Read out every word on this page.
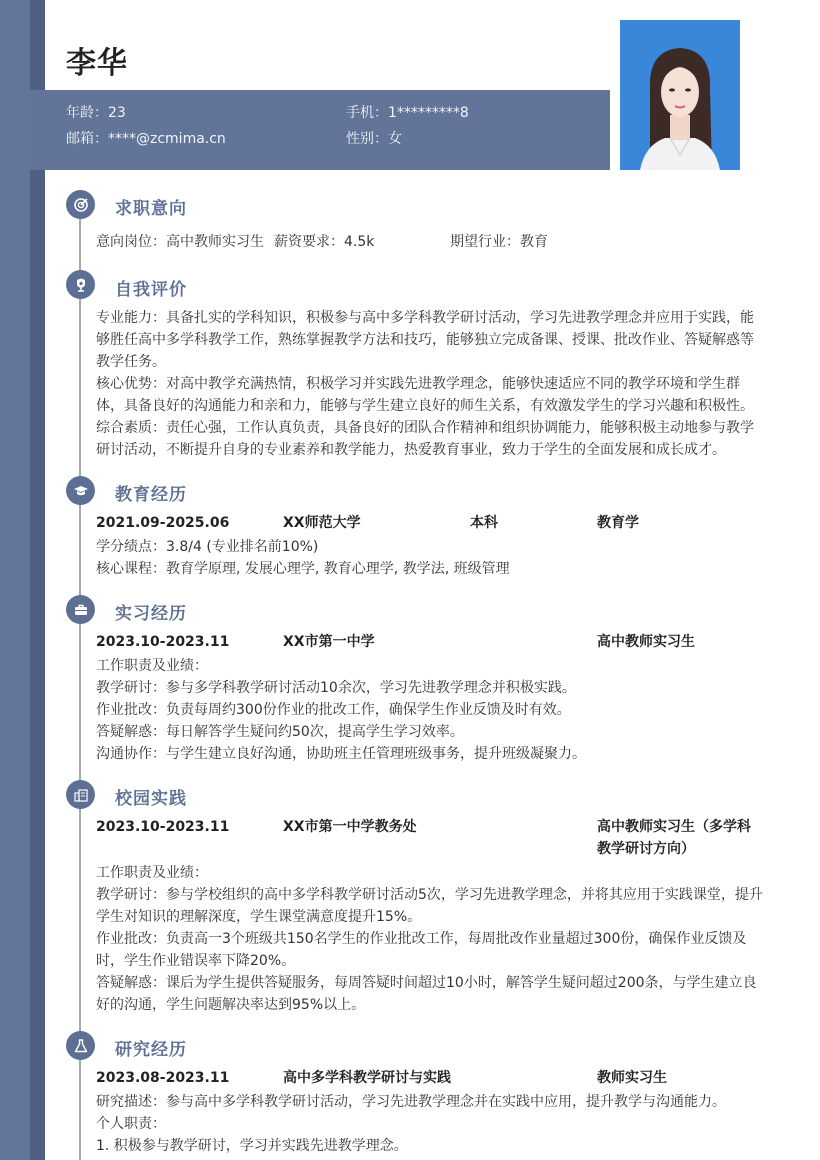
李华
年龄：23	手机：1*********8
邮箱：****@zcmima.cn	性别：女
求职意向
意向岗位：高中教师实习生 薪资要求：4.5k	期望行业：教育
自我评价
专业能力：具备扎实的学科知识，积极参与高中多学科教学研讨活动，学习先进教学理念并应用于实践，能够胜任高中多学科教学工作，熟练掌握教学方法和技巧，能够独立完成备课、授课、批改作业、答疑解惑等教学任务。
核心优势：对高中教学充满热情，积极学习并实践先进教学理念，能够快速适应不同的教学环境和学生群体，具备良好的沟通能力和亲和力，能够与学生建立良好的师生关系，有效激发学生的学习兴趣和积极性。
综合素质：责任心强，工作认真负责，具备良好的团队合作精神和组织协调能力，能够积极主动地参与教学研讨活动，不断提升自身的专业素养和教学能力，热爱教育事业，致力于学生的全面发展和成长成才。
教育经历
2021.09-2025.06	XX师范大学	本科	教育学
学分绩点：3.8/4 (专业排名前10%)
核心课程：教育学原理, 发展心理学, 教育心理学, 教学法, 班级管理
实习经历
2023.10-2023.11	XX市第一中学	高中教师实习生
工作职责及业绩：
教学研讨：参与多学科教学研讨活动10余次，学习先进教学理念并积极实践。
作业批改：负责每周约300份作业的批改工作，确保学生作业反馈及时有效。
答疑解惑：每日解答学生疑问约50次，提高学生学习效率。
沟通协作：与学生建立良好沟通，协助班主任管理班级事务，提升班级凝聚力。
校园实践
2023.10-2023.11	XX市第一中学教务处	高中教师实习生（多学科教学研讨方向）
工作职责及业绩：
教学研讨：参与学校组织的高中多学科教学研讨活动5次，学习先进教学理念，并将其应用于实践课堂，提升学生对知识的理解深度，学生课堂满意度提升15%。
作业批改：负责高一3个班级共150名学生的作业批改工作，每周批改作业量超过300份，确保作业反馈及时，学生作业错误率下降20%。
答疑解惑：课后为学生提供答疑服务，每周答疑时间超过10小时，解答学生疑问超过200条，与学生建立良好的沟通，学生问题解决率达到95%以上。
研究经历
2023.08-2023.11	高中多学科教学研讨与实践	教师实习生
研究描述：参与高中多学科教学研讨活动，学习先进教学理念并在实践中应用，提升教学与沟通能力。
个人职责：
1. 积极参与教学研讨，学习并实践先进教学理念。
